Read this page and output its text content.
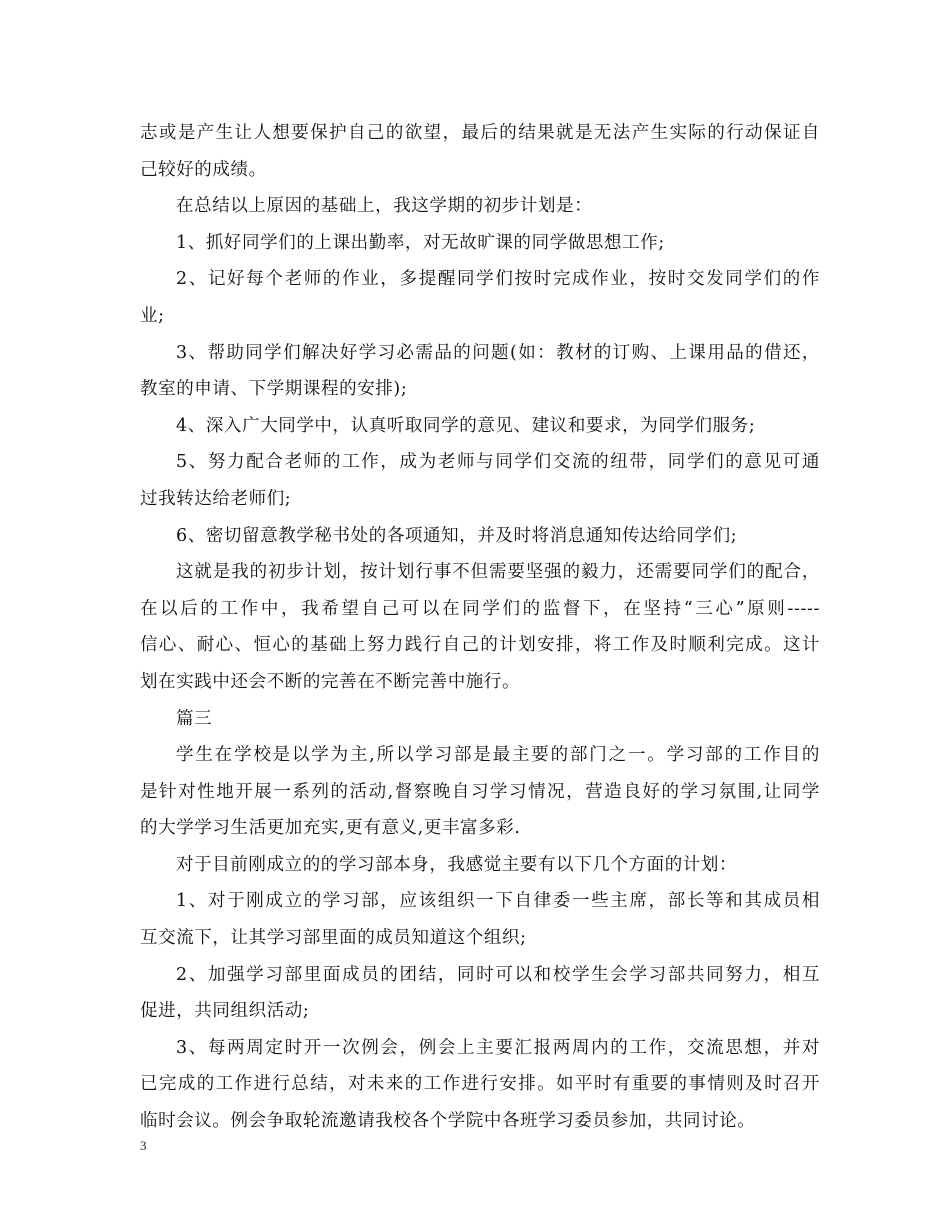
志或是产生让人想要保护自己的欲望，最后的结果就是无法产生实际的行动保证自
己较好的成绩。
在总结以上原因的基础上，我这学期的初步计划是：
1、抓好同学们的上课出勤率，对无故旷课的同学做思想工作;
2、记好每个老师的作业，多提醒同学们按时完成作业，按时交发同学们的作
业;
3、帮助同学们解决好学习必需品的问题(如：教材的订购、上课用品的借还，
教室的申请、下学期课程的安排);
4、深入广大同学中，认真听取同学的意见、建议和要求，为同学们服务;
5、努力配合老师的工作，成为老师与同学们交流的纽带，同学们的意见可通
过我转达给老师们;
6、密切留意教学秘书处的各项通知，并及时将消息通知传达给同学们;
这就是我的初步计划，按计划行事不但需要坚强的毅力，还需要同学们的配合，
在以后的工作中，我希望自己可以在同学们的监督下，在坚持“三心”原则-----
信心、耐心、恒心的基础上努力践行自己的计划安排，将工作及时顺利完成。这计
划在实践中还会不断的完善在不断完善中施行。
篇三
学生在学校是以学为主,所以学习部是最主要的部门之一。学习部的工作目的
是针对性地开展一系列的活动,督察晚自习学习情况，营造良好的学习氛围,让同学
的大学学习生活更加充实,更有意义,更丰富多彩.
对于目前刚成立的的学习部本身，我感觉主要有以下几个方面的计划：
1、对于刚成立的学习部，应该组织一下自律委一些主席，部长等和其成员相
互交流下，让其学习部里面的成员知道这个组织;
2、加强学习部里面成员的团结，同时可以和校学生会学习部共同努力，相互
促进，共同组织活动;
3、每两周定时开一次例会，例会上主要汇报两周内的工作，交流思想，并对
已完成的工作进行总结，对未来的工作进行安排。如平时有重要的事情则及时召开
临时会议。例会争取轮流邀请我校各个学院中各班学习委员参加，共同讨论。
3
